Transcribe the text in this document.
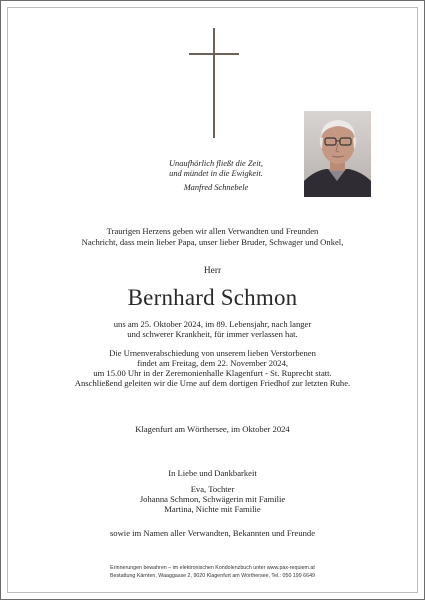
Unaufhörlich fließt die Zeit,
und mündet in die Ewigkeit.
Manfred Schnebele
Traurigen Herzens geben wir allen Verwandten und Freunden
Nachricht, dass mein lieber Papa, unser lieber Bruder, Schwager und Onkel,
Herr
Bernhard Schmon
uns am 25. Oktober 2024, im 89. Lebensjahr, nach langer
und schwerer Krankheit, für immer verlassen hat.
Die Urnenverabschiedung von unserem lieben Verstorbenen
findet am Freitag, dem 22. November 2024,
um 15.00 Uhr in der Zeremonienhalle Klagenfurt - St. Ruprecht statt.
Anschließend geleiten wir die Urne auf dem dortigen Friedhof zur letzten Ruhe.
Klagenfurt am Wörthersee, im Oktober 2024
In Liebe und Dankbarkeit
Eva, Tochter
Johanna Schmon, Schwägerin mit Familie
Martina, Nichte mit Familie
sowie im Namen aller Verwandten, Bekannten und Freunde
Erinnerungen bewahren – im elektronischen Kondolenzbuch unter www.pax-requiem.at
Bestattung Kärnten, Waaggasse 2, 9020 Klagenfurt am Wörthersee, Tel.: 050 199 6649
